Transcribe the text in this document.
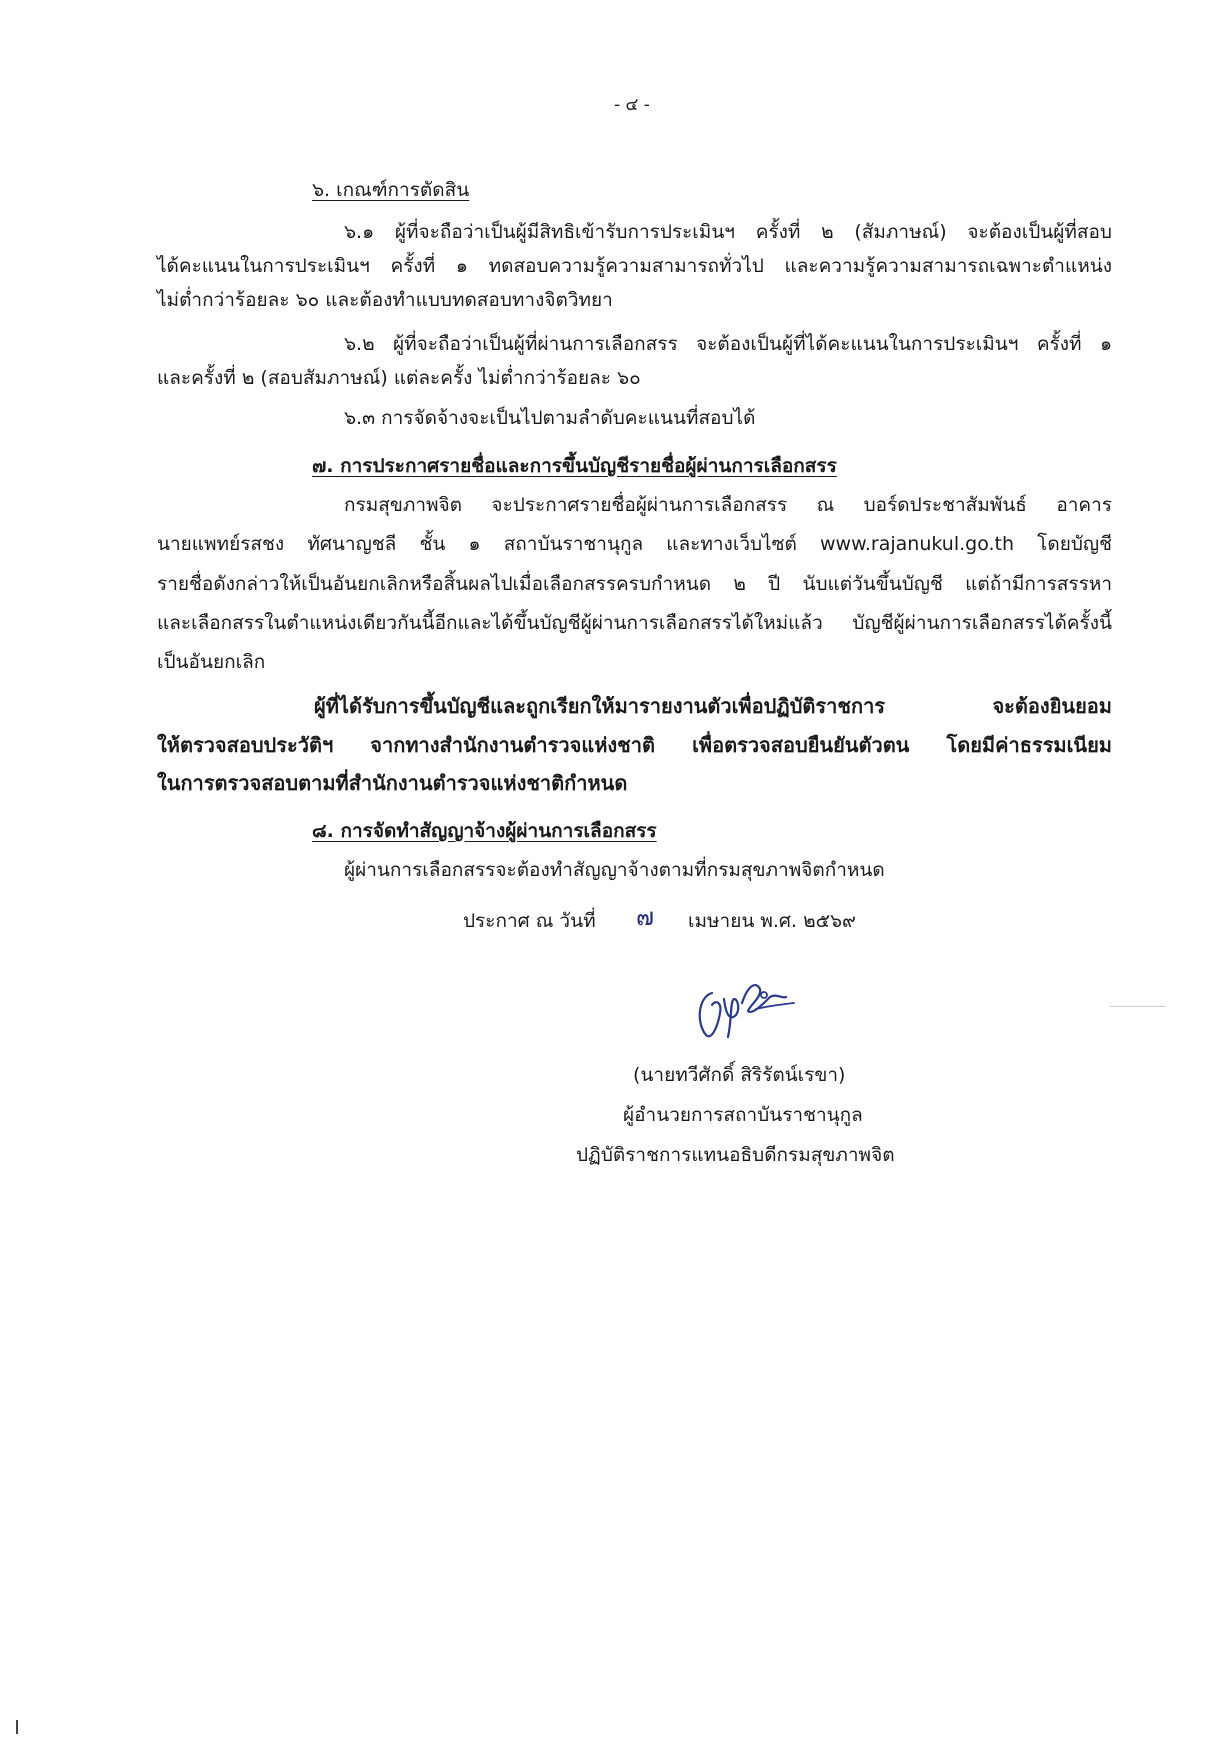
- ๔ -
๖. เกณฑ์การตัดสิน
๖.๑ ผู้ที่จะถือว่าเป็นผู้มีสิทธิเข้ารับการประเมินฯ ครั้งที่ ๒ (สัมภาษณ์) จะต้องเป็นผู้ที่สอบ
ได้คะแนนในการประเมินฯ ครั้งที่ ๑ ทดสอบความรู้ความสามารถทั่วไป และความรู้ความสามารถเฉพาะตำแหน่ง
ไม่ต่ำกว่าร้อยละ ๖๐ และต้องทำแบบทดสอบทางจิตวิทยา
๖.๒ ผู้ที่จะถือว่าเป็นผู้ที่ผ่านการเลือกสรร จะต้องเป็นผู้ที่ได้คะแนนในการประเมินฯ ครั้งที่ ๑
และครั้งที่ ๒ (สอบสัมภาษณ์) แต่ละครั้ง ไม่ต่ำกว่าร้อยละ ๖๐
๖.๓ การจัดจ้างจะเป็นไปตามลำดับคะแนนที่สอบได้
๗. การประกาศรายชื่อและการขึ้นบัญชีรายชื่อผู้ผ่านการเลือกสรร
กรมสุขภาพจิต จะประกาศรายชื่อผู้ผ่านการเลือกสรร ณ บอร์ดประชาสัมพันธ์ อาคาร
นายแพทย์รสชง ทัศนาญชลี ชั้น ๑ สถาบันราชานุกูล และทางเว็บไซต์ www.rajanukul.go.th โดยบัญชี
รายชื่อดังกล่าวให้เป็นอันยกเลิกหรือสิ้นผลไปเมื่อเลือกสรรครบกำหนด ๒ ปี นับแต่วันขึ้นบัญชี แต่ถ้ามีการสรรหา
และเลือกสรรในตำแหน่งเดียวกันนี้อีกและได้ขึ้นบัญชีผู้ผ่านการเลือกสรรได้ใหม่แล้ว บัญชีผู้ผ่านการเลือกสรรได้ครั้งนี้
เป็นอันยกเลิก
ผู้ที่ได้รับการขึ้นบัญชีและถูกเรียกให้มารายงานตัวเพื่อปฏิบัติราชการ จะต้องยินยอม
ให้ตรวจสอบประวัติฯ จากทางสำนักงานตำรวจแห่งชาติ เพื่อตรวจสอบยืนยันตัวตน โดยมีค่าธรรมเนียม
ในการตรวจสอบตามที่สำนักงานตำรวจแห่งชาติกำหนด
๘. การจัดทำสัญญาจ้างผู้ผ่านการเลือกสรร
ผู้ผ่านการเลือกสรรจะต้องทำสัญญาจ้างตามที่กรมสุขภาพจิตกำหนด
ประกาศ ณ วันที่ ๗ เมษายน พ.ศ. ๒๕๖๙
(นายทวีศักดิ์ สิริรัตน์เรขา)
ผู้อำนวยการสถาบันราชานุกูล
ปฏิบัติราชการแทนอธิบดีกรมสุขภาพจิต
